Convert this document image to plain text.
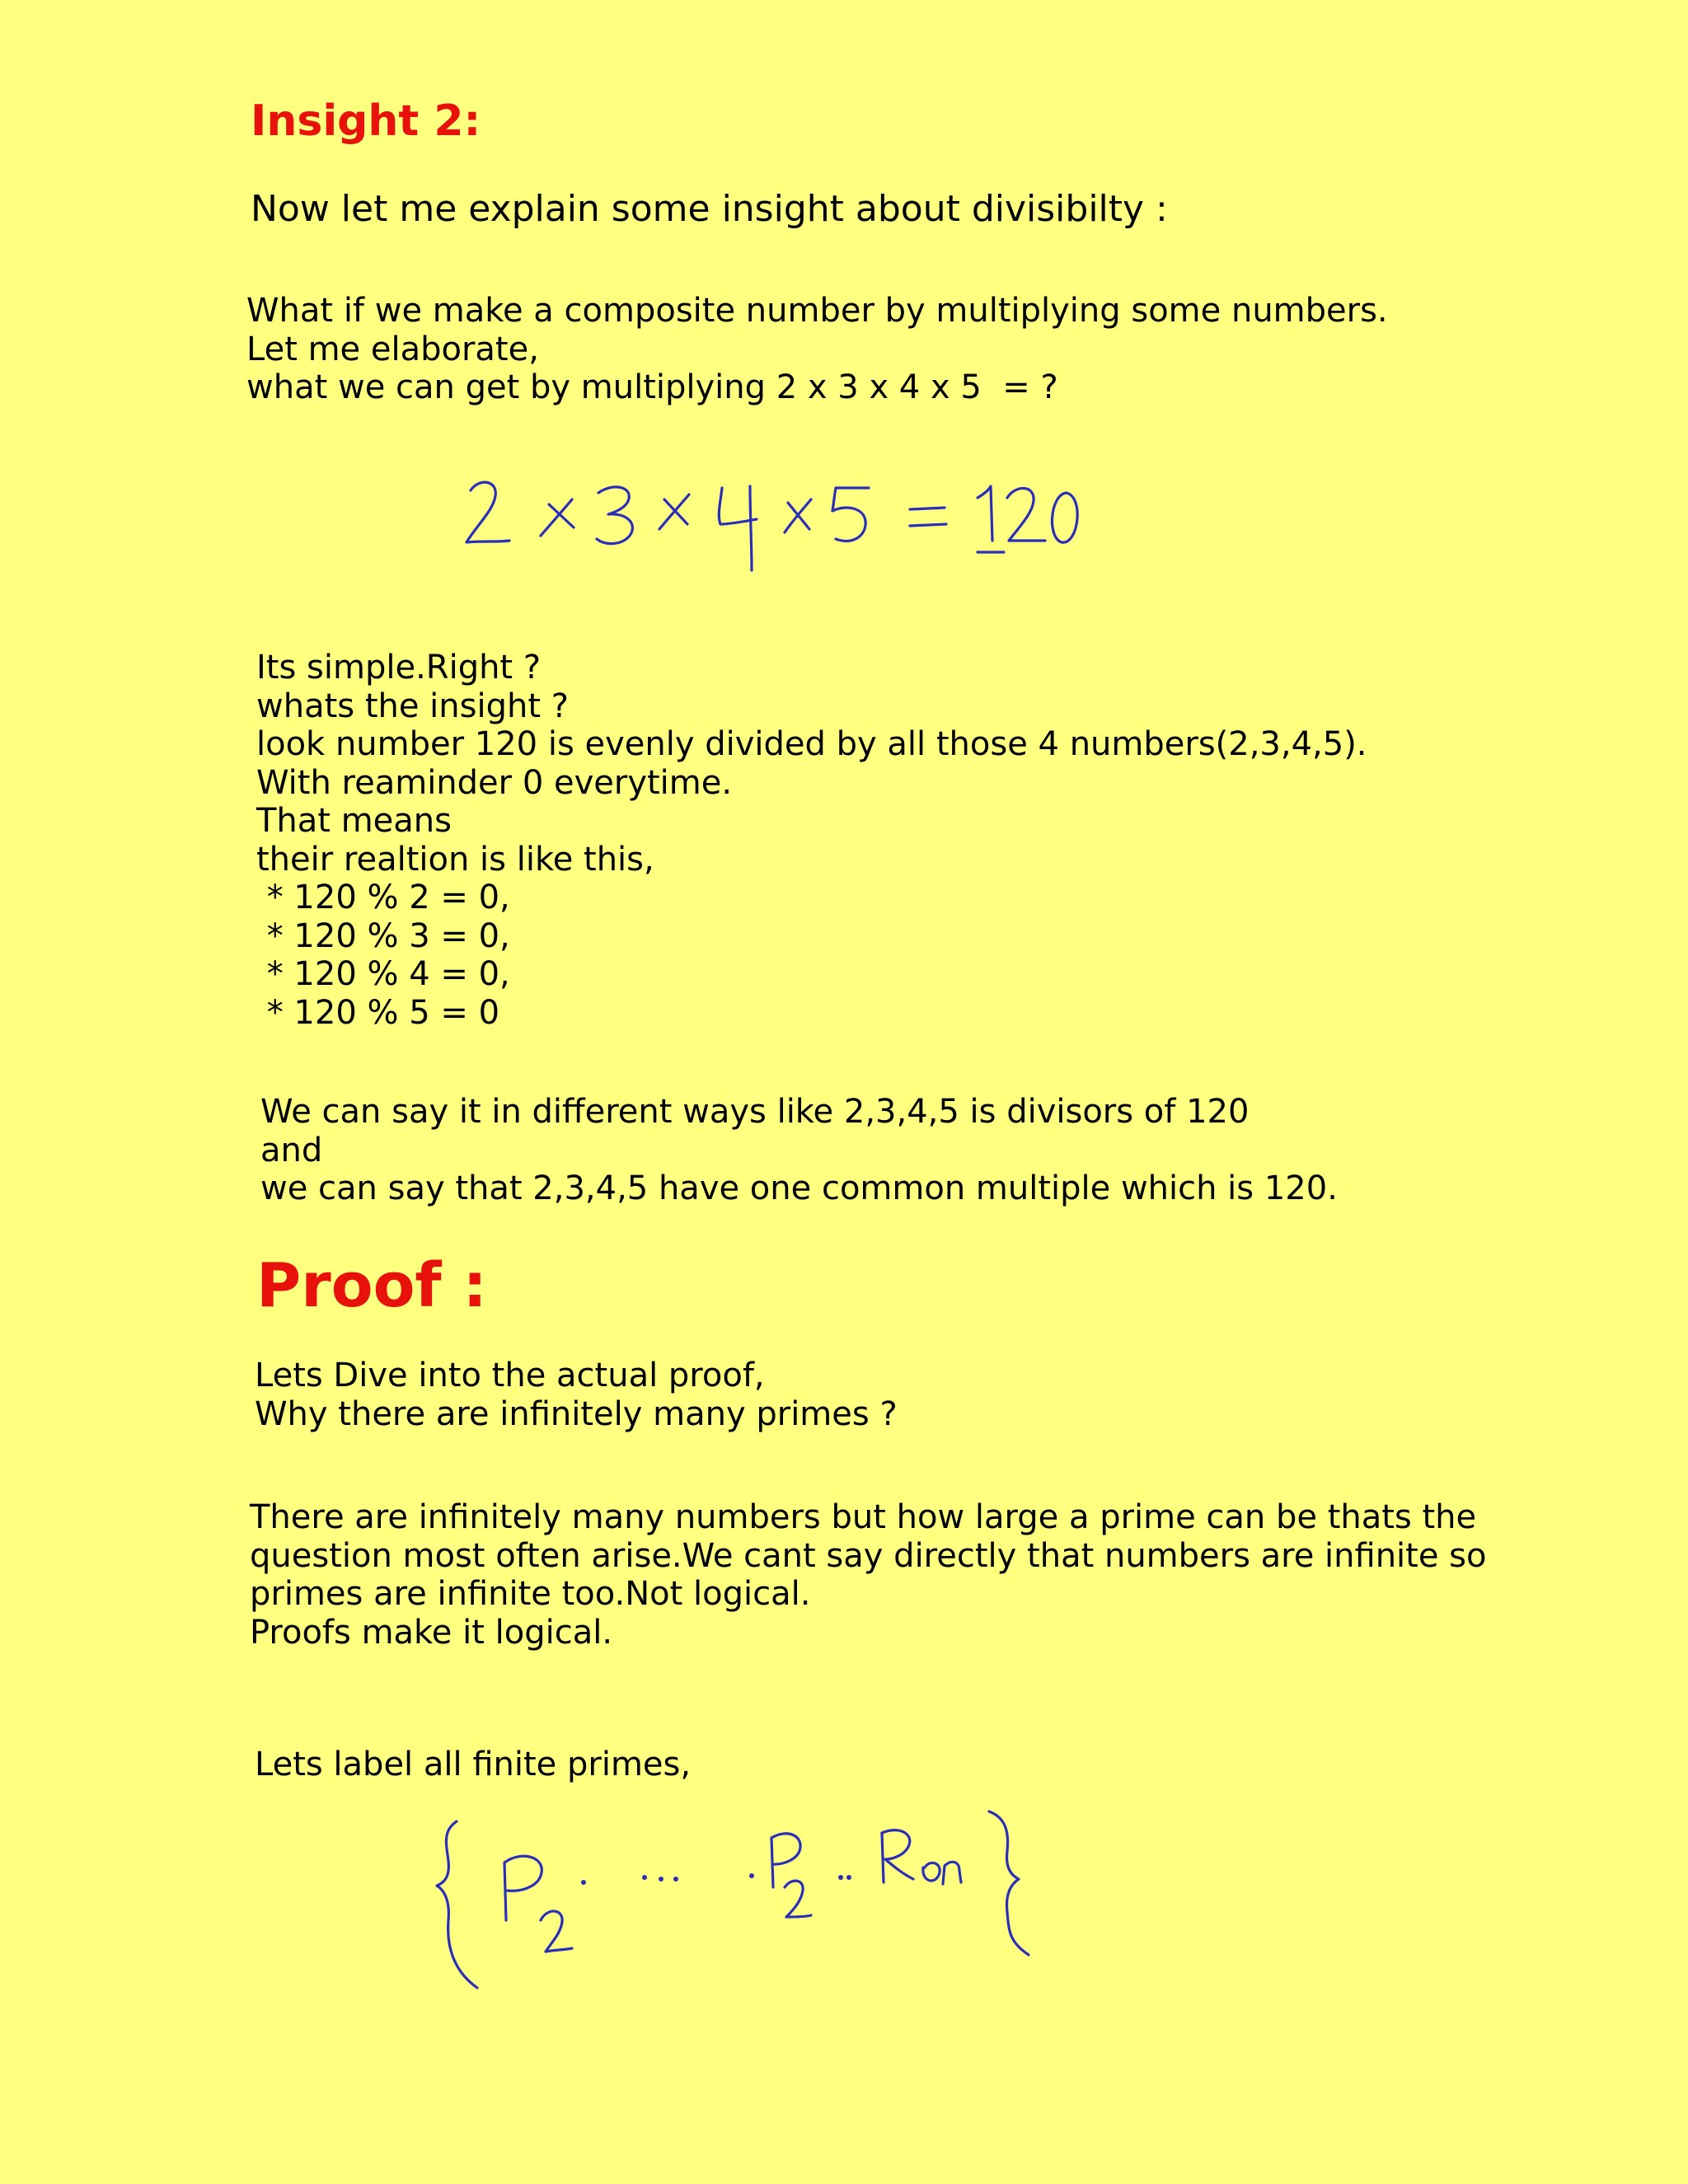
Insight 2:

Now let me explain some insight about divisibilty :

What if we make a composite number by multiplying some numbers.
Let me elaborate,
what we can get by multiplying 2 x 3 x 4 x 5  = ?

Its simple.Right ?
whats the insight ?
look number 120 is evenly divided by all those 4 numbers(2,3,4,5).
With reaminder 0 everytime.
That means
their realtion is like this,
* 120 % 2 = 0,
* 120 % 3 = 0,
* 120 % 4 = 0,
* 120 % 5 = 0

We can say it in different ways like 2,3,4,5 is divisors of 120
and
we can say that 2,3,4,5 have one common multiple which is 120.

Proof :

Lets Dive into the actual proof,
Why there are infinitely many primes ?

There are infinitely many numbers but how large a prime can be thats the
question most often arise.We cant say directly that numbers are infinite so
primes are infinite too.Not logical.
Proofs make it logical.

Lets label all finite primes,
